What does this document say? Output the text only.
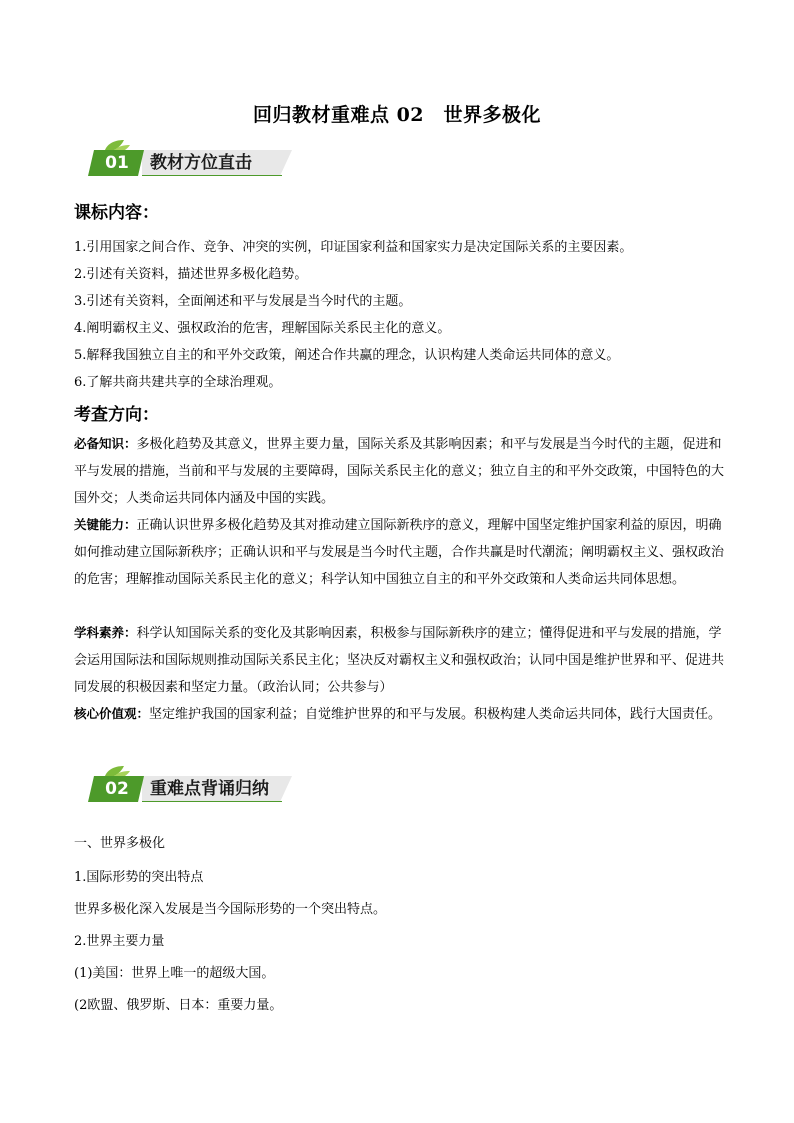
回归教材重难点 02　世界多极化
01	教材方位直击
课标内容：
1.引用国家之间合作、竞争、冲突的实例，印证国家利益和国家实力是决定国际关系的主要因素。
2.引述有关资料，描述世界多极化趋势。
3.引述有关资料，全面阐述和平与发展是当今时代的主题。
4.阐明霸权主义、强权政治的危害，理解国际关系民主化的意义。
5.解释我国独立自主的和平外交政策，阐述合作共赢的理念，认识构建人类命运共同体的意义。
6.了解共商共建共享的全球治理观。
考查方向：
必备知识：多极化趋势及其意义，世界主要力量，国际关系及其影响因素；和平与发展是当今时代的主题，促进和平与发展的措施，当前和平与发展的主要障碍，国际关系民主化的意义；独立自主的和平外交政策，中国特色的大国外交；人类命运共同体内涵及中国的实践。
关键能力：正确认识世界多极化趋势及其对推动建立国际新秩序的意义，理解中国坚定维护国家利益的原因，明确如何推动建立国际新秩序；正确认识和平与发展是当今时代主题，合作共赢是时代潮流；阐明霸权主义、强权政治的危害；理解推动国际关系民主化的意义；科学认知中国独立自主的和平外交政策和人类命运共同体思想。
学科素养：科学认知国际关系的变化及其影响因素，积极参与国际新秩序的建立；懂得促进和平与发展的措施，学会运用国际法和国际规则推动国际关系民主化；坚决反对霸权主义和强权政治；认同中国是维护世界和平、促进共同发展的积极因素和坚定力量。（政治认同；公共参与）
核心价值观：坚定维护我国的国家利益；自觉维护世界的和平与发展。积极构建人类命运共同体，践行大国责任。
02	重难点背诵归纳
一、世界多极化
1.国际形势的突出特点
世界多极化深入发展是当今国际形势的一个突出特点。
2.世界主要力量
(1)美国：世界上唯一的超级大国。
(2欧盟、俄罗斯、日本：重要力量。
